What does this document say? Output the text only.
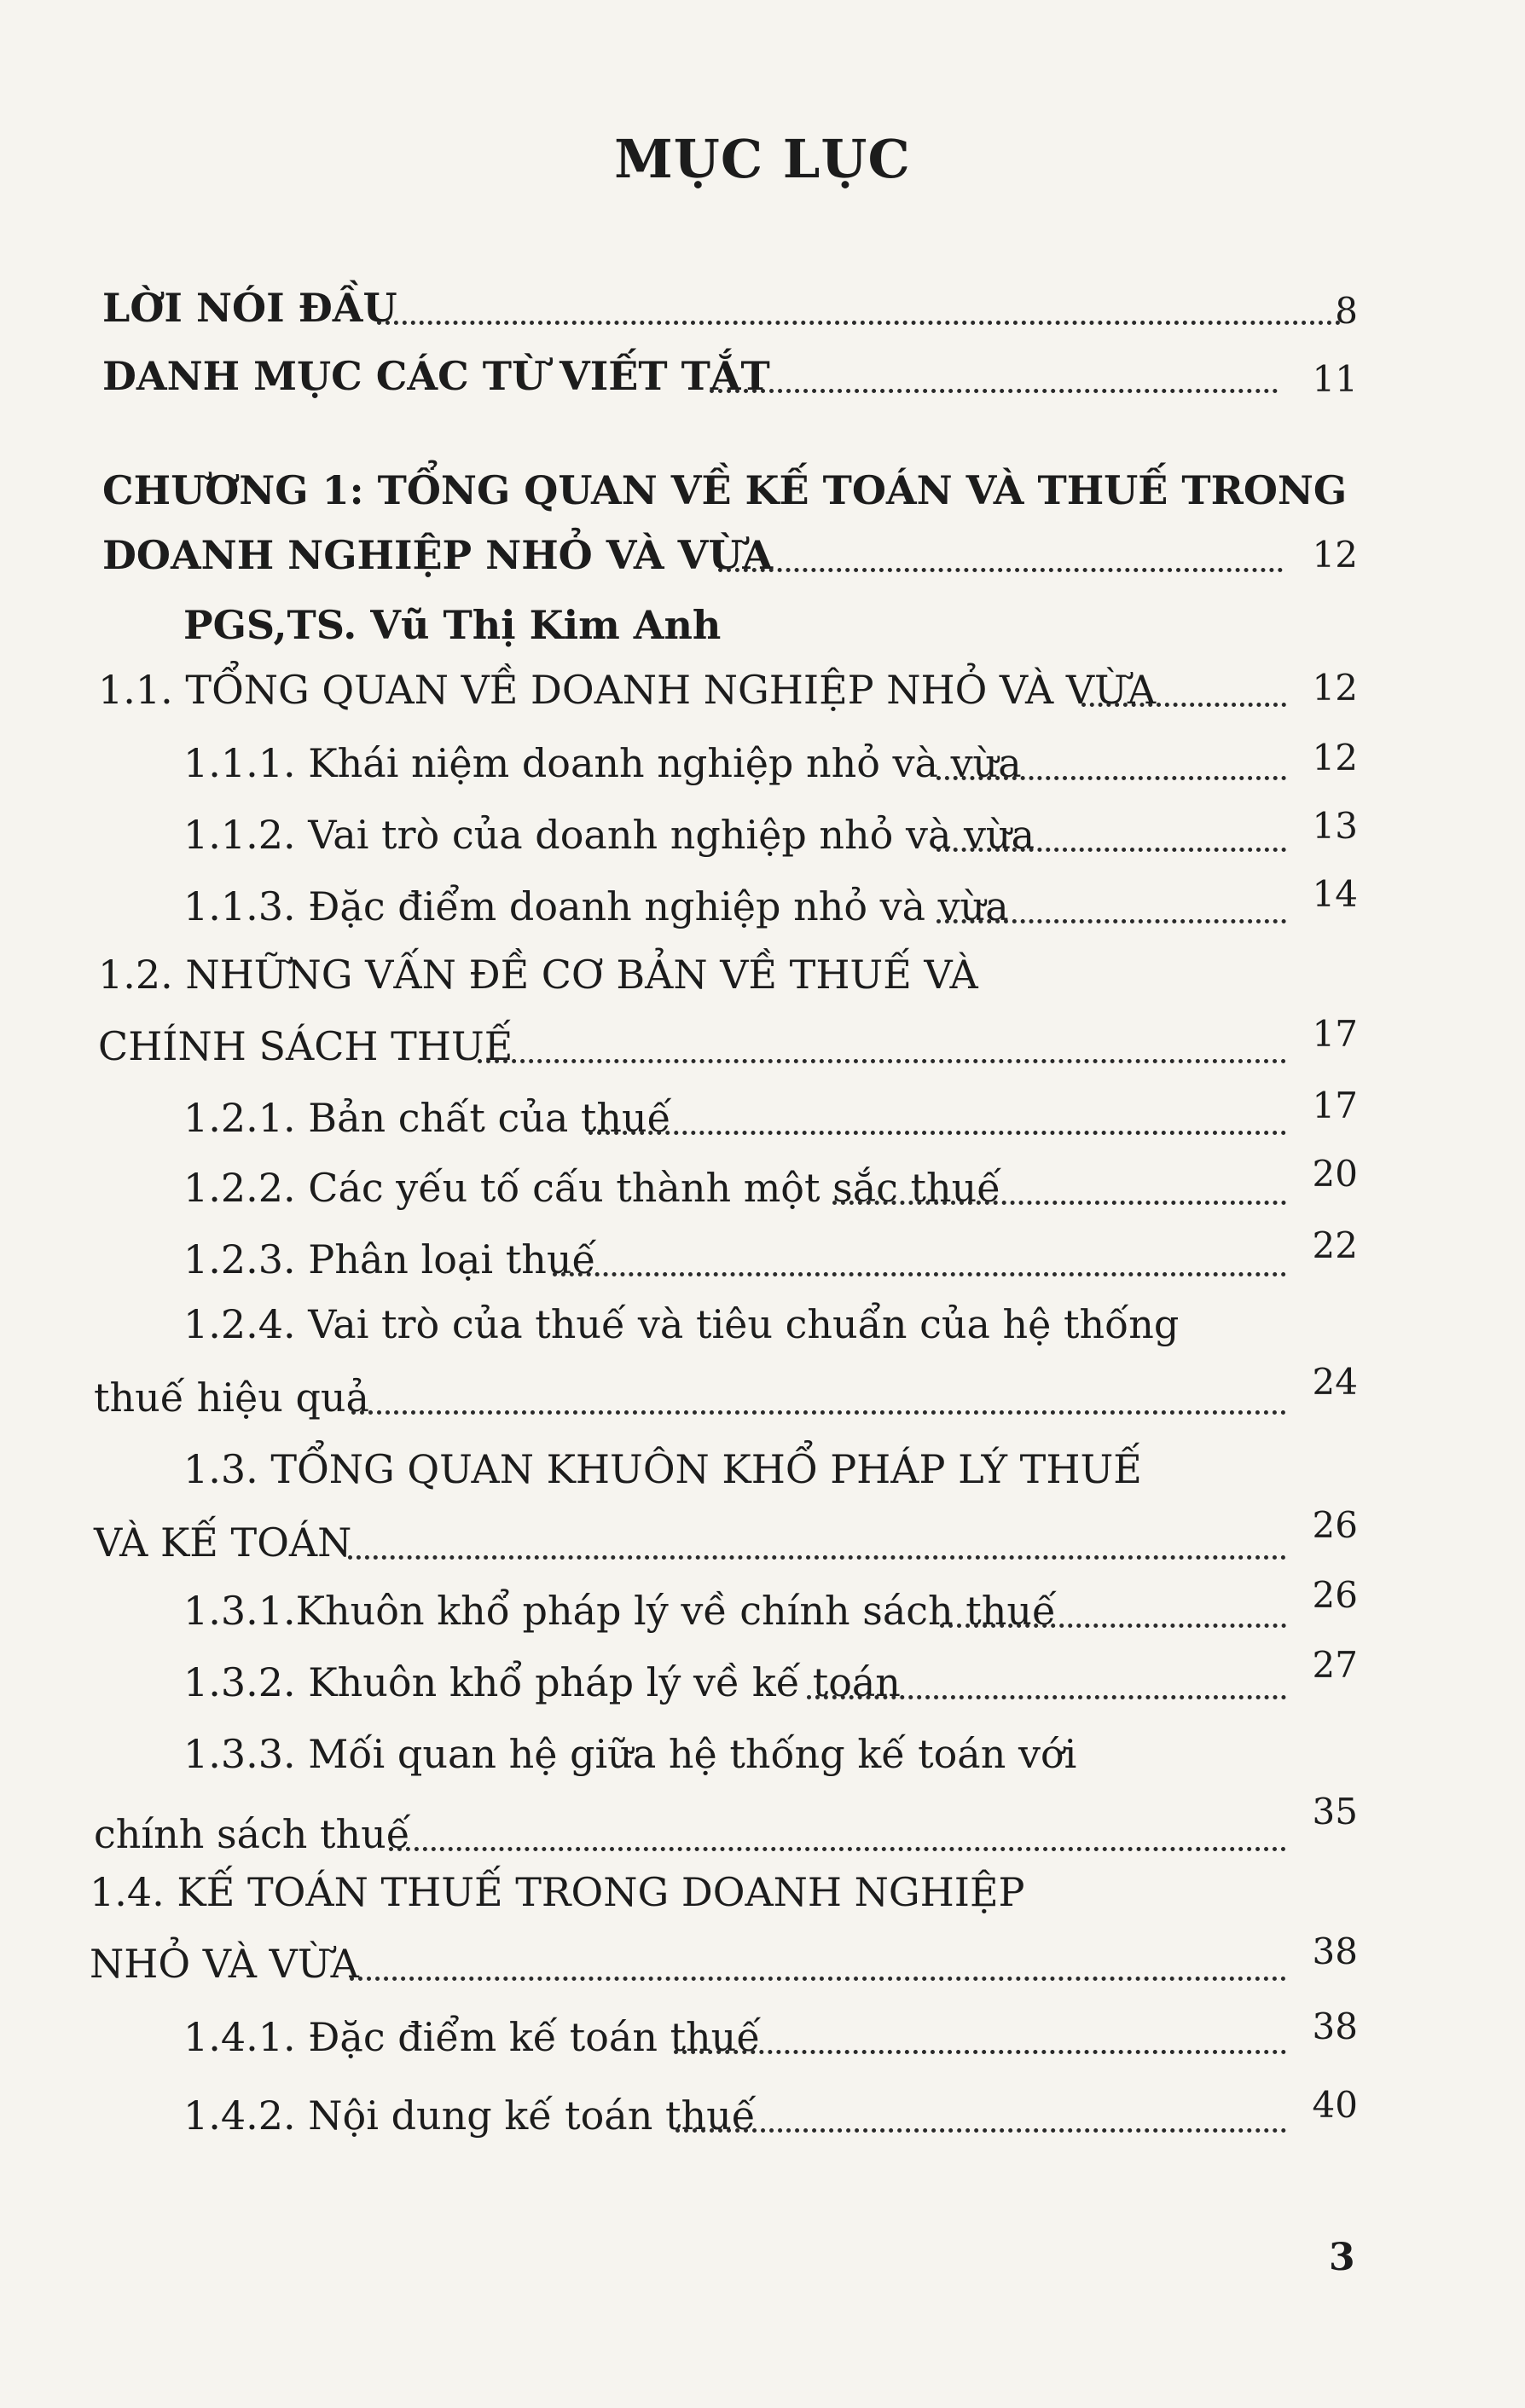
MỤC LỤC
LỜI NÓI ĐẦU	8
DANH MỤC CÁC TỪ VIẾT TẮT	11
CHƯƠNG 1: TỔNG QUAN VỀ KẾ TOÁN VÀ THUẾ TRONG
DOANH NGHIỆP NHỎ VÀ VỪA	12
PGS,TS. Vũ Thị Kim Anh
1.1. TỔNG QUAN VỀ DOANH NGHIỆP NHỎ VÀ VỪA	12
1.1.1. Khái niệm doanh nghiệp nhỏ và vừa	12
1.1.2. Vai trò của doanh nghiệp nhỏ và vừa	13
1.1.3. Đặc điểm doanh nghiệp nhỏ và vừa	14
1.2. NHỮNG VẤN ĐỀ CƠ BẢN VỀ THUẾ VÀ
CHÍNH SÁCH THUẾ	17
1.2.1. Bản chất của thuế	17
1.2.2. Các yếu tố cấu thành một sắc thuế	20
1.2.3. Phân loại thuế	22
1.2.4. Vai trò của thuế và tiêu chuẩn của hệ thống
thuế hiệu quả	24
1.3. TỔNG QUAN KHUÔN KHỔ PHÁP LÝ THUẾ
VÀ KẾ TOÁN	26
1.3.1.Khuôn khổ pháp lý về chính sách thuế	26
1.3.2. Khuôn khổ pháp lý về kế toán	27
1.3.3. Mối quan hệ giữa hệ thống kế toán với
chính sách thuế	35
1.4. KẾ TOÁN THUẾ TRONG DOANH NGHIỆP
NHỎ VÀ VỪA	38
1.4.1. Đặc điểm kế toán thuế	38
1.4.2. Nội dung kế toán thuế	40
3
